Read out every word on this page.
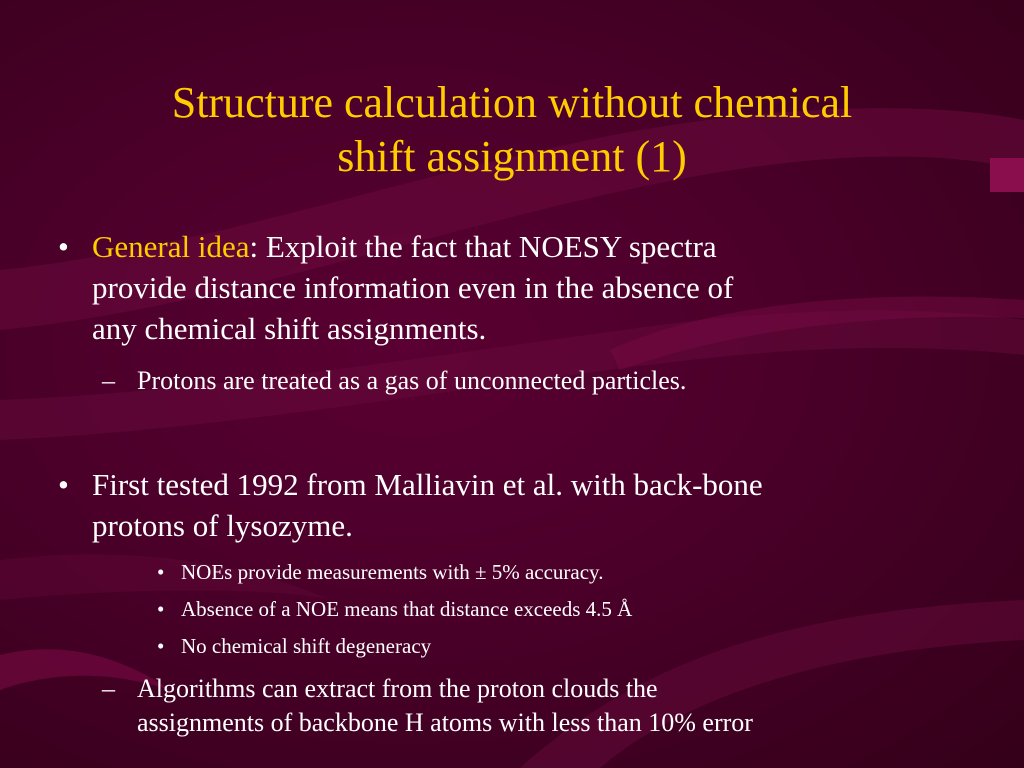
Structure calculation without chemical
shift assignment (1)
• General idea: Exploit the fact that NOESY spectra
provide distance information even in the absence of
any chemical shift assignments.
– Protons are treated as a gas of unconnected particles.
• First tested 1992 from Malliavin et al. with back-bone
protons of lysozyme.
• NOEs provide measurements with ± 5% accuracy.
• Absence of a NOE means that distance exceeds 4.5 Å
• No chemical shift degeneracy
– Algorithms can extract from the proton clouds the
assignments of backbone H atoms with less than 10% error
